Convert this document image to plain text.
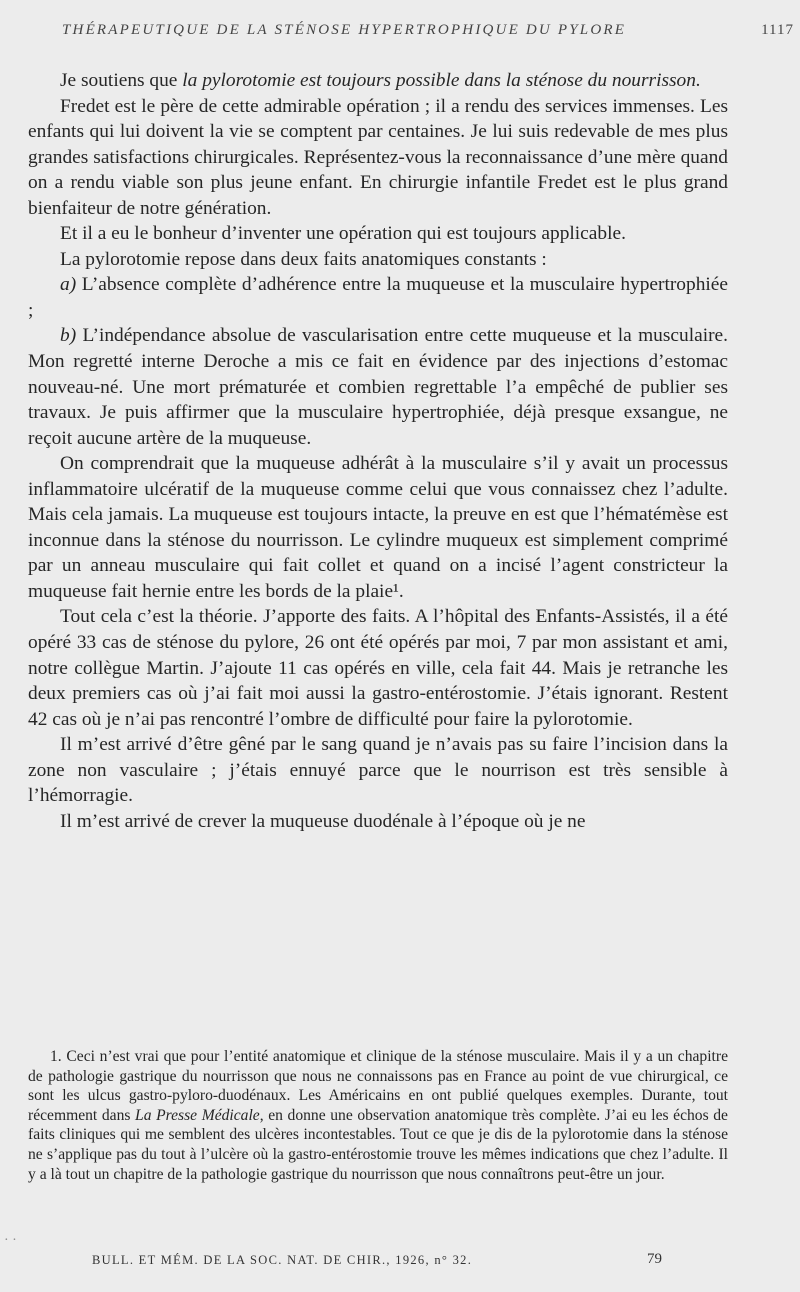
THÉRAPEUTIQUE DE LA STÉNOSE HYPERTROPHIQUE DU PYLORE	1117

Je soutiens que la pylorotomie est toujours possible dans la sténose du nourrisson.

Fredet est le père de cette admirable opération ; il a rendu des services immenses. Les enfants qui lui doivent la vie se comptent par centaines. Je lui suis redevable de mes plus grandes satisfactions chirurgicales. Représentez-vous la reconnaissance d’une mère quand on a rendu viable son plus jeune enfant. En chirurgie infantile Fredet est le plus grand bienfaiteur de notre génération.

Et il a eu le bonheur d’inventer une opération qui est toujours applicable.

La pylorotomie repose dans deux faits anatomiques constants :

a) L’absence complète d’adhérence entre la muqueuse et la musculaire hypertrophiée ;

b) L’indépendance absolue de vascularisation entre cette muqueuse et la musculaire. Mon regretté interne Deroche a mis ce fait en évidence par des injections d’estomac nouveau-né. Une mort prématurée et combien regrettable l’a empêché de publier ses travaux. Je puis affirmer que la musculaire hypertrophiée, déjà presque exsangue, ne reçoit aucune artère de la muqueuse.

On comprendrait que la muqueuse adhérât à la musculaire s’il y avait un processus inflammatoire ulcératif de la muqueuse comme celui que vous connaissez chez l’adulte. Mais cela jamais. La muqueuse est toujours intacte, la preuve en est que l’hématémèse est inconnue dans la sténose du nourrisson. Le cylindre muqueux est simplement comprimé par un anneau musculaire qui fait collet et quand on a incisé l’agent constricteur la muqueuse fait hernie entre les bords de la plaie¹.

Tout cela c’est la théorie. J’apporte des faits. A l’hôpital des Enfants-Assistés, il a été opéré 33 cas de sténose du pylore, 26 ont été opérés par moi, 7 par mon assistant et ami, notre collègue Martin. J’ajoute 11 cas opérés en ville, cela fait 44. Mais je retranche les deux premiers cas où j’ai fait moi aussi la gastro-entérostomie. J’étais ignorant. Restent 42 cas où je n’ai pas rencontré l’ombre de difficulté pour faire la pylorotomie.

Il m’est arrivé d’être gêné par le sang quand je n’avais pas su faire l’incision dans la zone non vasculaire ; j’étais ennuyé parce que le nourrison est très sensible à l’hémorragie.

Il m’est arrivé de crever la muqueuse duodénale à l’époque où je ne

1. Ceci n’est vrai que pour l’entité anatomique et clinique de la sténose musculaire. Mais il y a un chapitre de pathologie gastrique du nourrisson que nous ne connaissons pas en France au point de vue chirurgical, ce sont les ulcus gastro-pyloro-duodénaux. Les Américains en ont publié quelques exemples. Durante, tout récemment dans La Presse Médicale, en donne une observation anatomique très complète. J’ai eu les échos de faits cliniques qui me semblent des ulcères incontestables. Tout ce que je dis de la pylorotomie dans la sténose ne s’applique pas du tout à l’ulcère où la gastro-entérostomie trouve les mêmes indications que chez l’adulte. Il y a là tout un chapitre de la pathologie gastrique du nourrisson que nous connaîtrons peut-être un jour.

BULL. ET MÉM. DE LA SOC. NAT. DE CHIR., 1926, n° 32.	79
· ·
